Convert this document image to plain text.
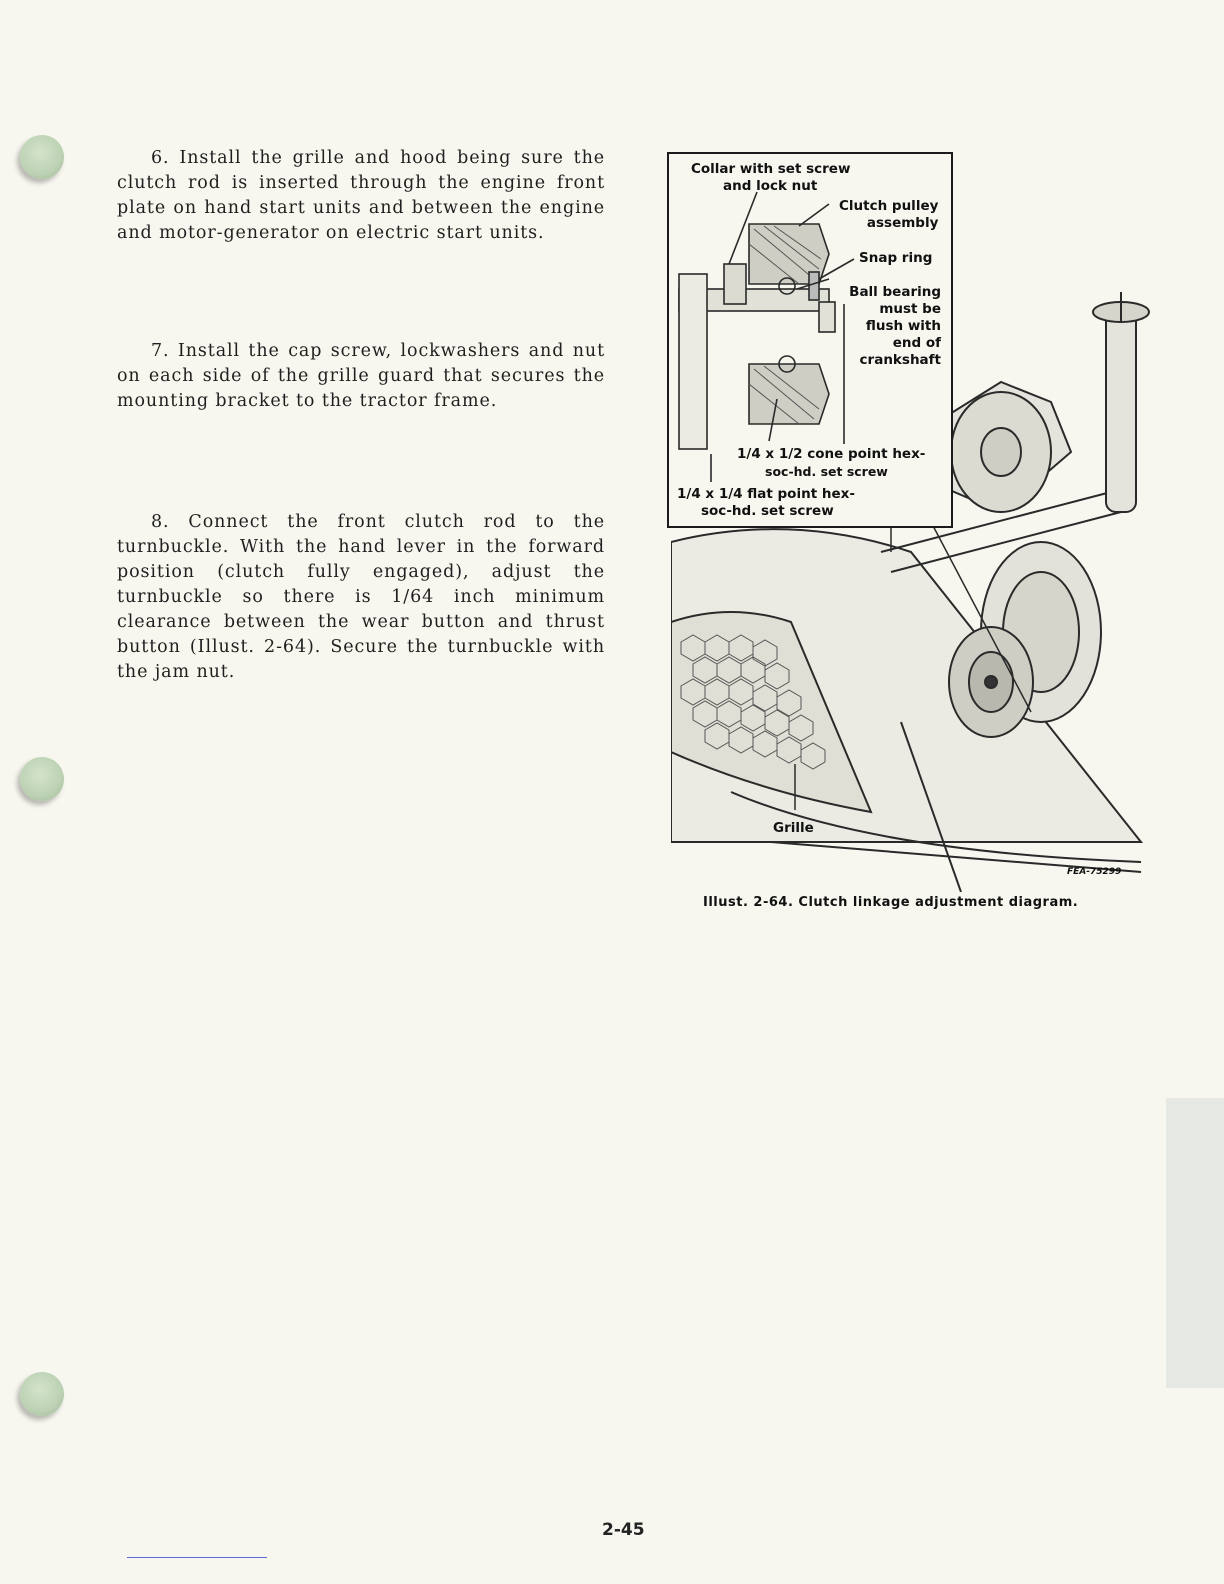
6. Install the grille and hood being sure the clutch rod is inserted through the engine front plate on hand start units and between the engine and motor-generator on electric start units.

7. Install the cap screw, lockwashers and nut on each side of the grille guard that secures the mounting bracket to the tractor frame.

8. Connect the front clutch rod to the turnbuckle. With the hand lever in the forward position (clutch fully engaged), adjust the turnbuckle so there is 1/64 inch minimum clearance between the wear button and thrust button (Illust. 2-64). Secure the turnbuckle with the jam nut.

Collar with set screw
and lock nut
Clutch pulley
assembly
Snap ring
Ball bearing
must be
flush with
end of
crankshaft
1/4 x 1/2 cone point hex-
soc-hd. set screw
1/4 x 1/4 flat point hex-
soc-hd. set screw
Grille
FEA-75299
Illust. 2-64. Clutch linkage adjustment diagram.
2-45
